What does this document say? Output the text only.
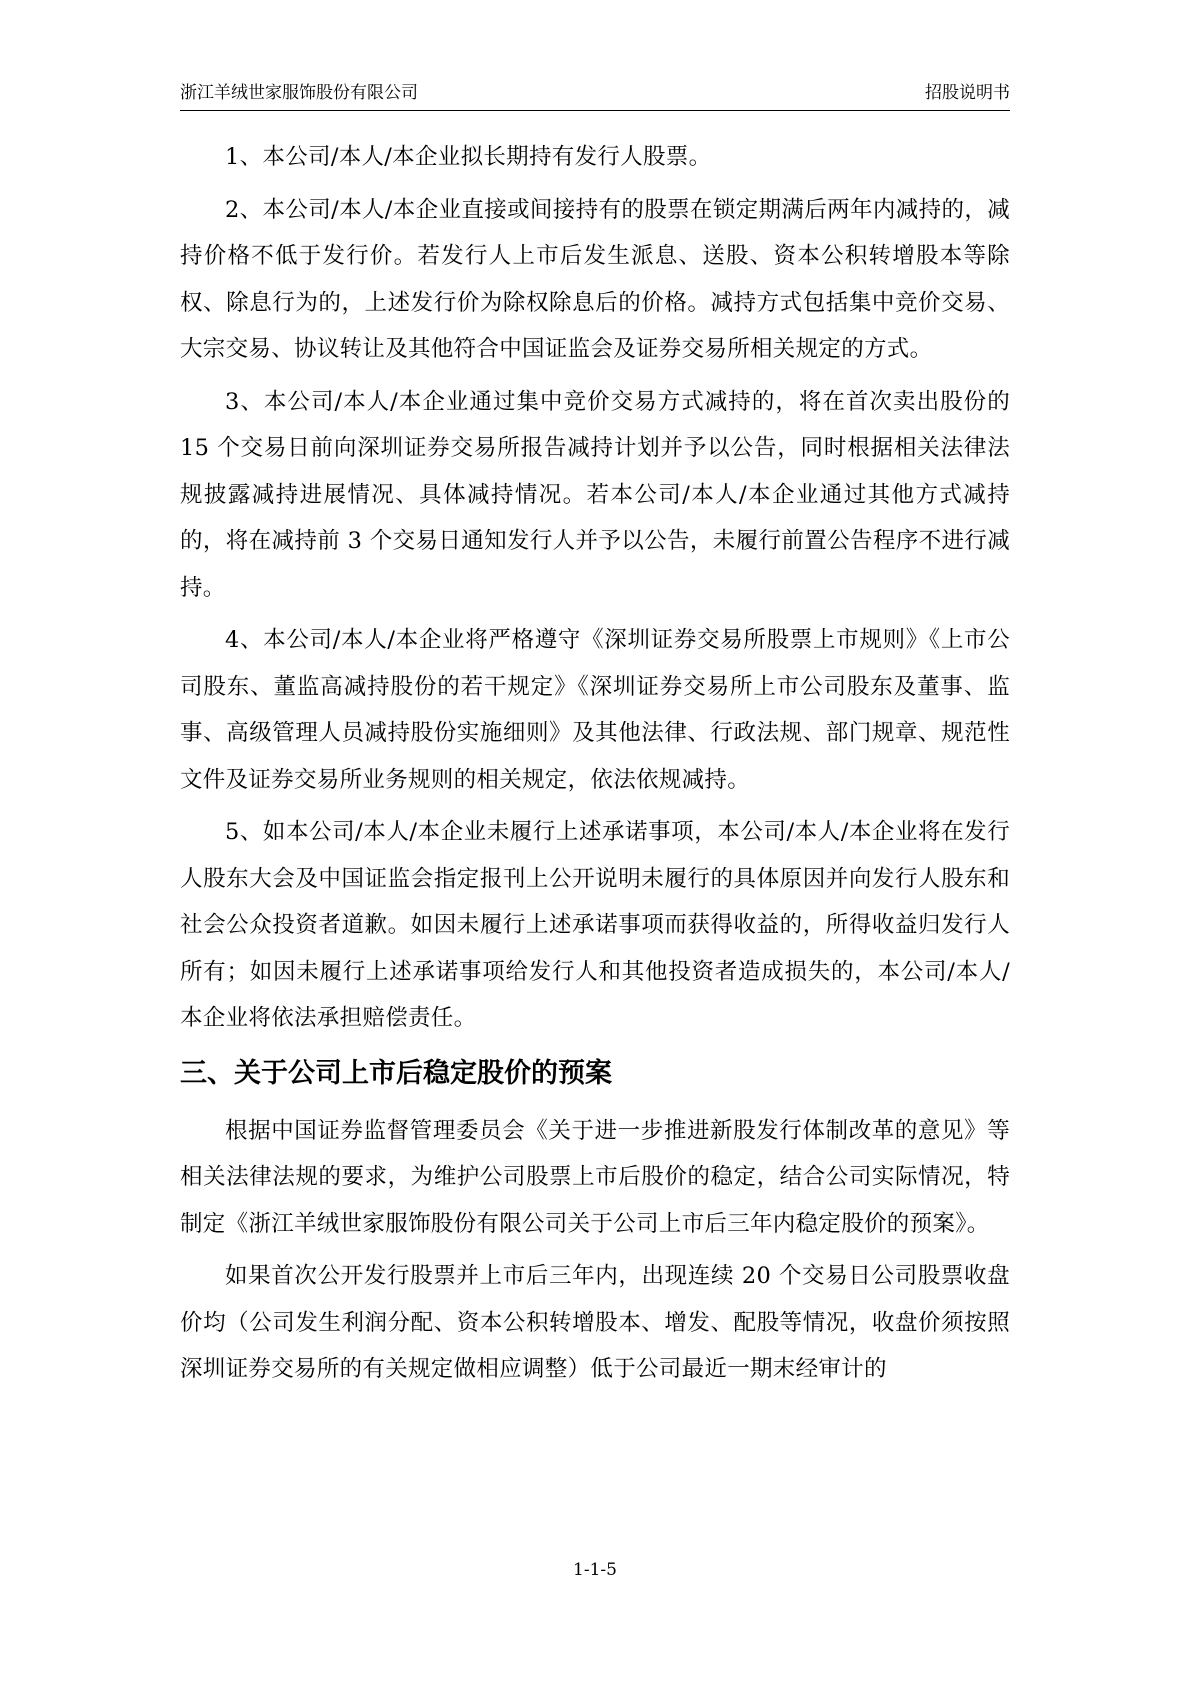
浙江羊绒世家服饰股份有限公司	招股说明书

1、本公司/本人/本企业拟长期持有发行人股票。

2、本公司/本人/本企业直接或间接持有的股票在锁定期满后两年内减持的，减持价格不低于发行价。若发行人上市后发生派息、送股、资本公积转增股本等除权、除息行为的，上述发行价为除权除息后的价格。减持方式包括集中竞价交易、大宗交易、协议转让及其他符合中国证监会及证券交易所相关规定的方式。

3、本公司/本人/本企业通过集中竞价交易方式减持的，将在首次卖出股份的 15 个交易日前向深圳证券交易所报告减持计划并予以公告，同时根据相关法律法规披露减持进展情况、具体减持情况。若本公司/本人/本企业通过其他方式减持的，将在减持前 3 个交易日通知发行人并予以公告，未履行前置公告程序不进行减持。

4、本公司/本人/本企业将严格遵守《深圳证券交易所股票上市规则》《上市公司股东、董监高减持股份的若干规定》《深圳证券交易所上市公司股东及董事、监事、高级管理人员减持股份实施细则》及其他法律、行政法规、部门规章、规范性文件及证券交易所业务规则的相关规定，依法依规减持。

5、如本公司/本人/本企业未履行上述承诺事项，本公司/本人/本企业将在发行人股东大会及中国证监会指定报刊上公开说明未履行的具体原因并向发行人股东和社会公众投资者道歉。如因未履行上述承诺事项而获得收益的，所得收益归发行人所有；如因未履行上述承诺事项给发行人和其他投资者造成损失的，本公司/本人/本企业将依法承担赔偿责任。

三、关于公司上市后稳定股价的预案

根据中国证券监督管理委员会《关于进一步推进新股发行体制改革的意见》等相关法律法规的要求，为维护公司股票上市后股价的稳定，结合公司实际情况，特制定《浙江羊绒世家服饰股份有限公司关于公司上市后三年内稳定股价的预案》。

如果首次公开发行股票并上市后三年内，出现连续 20 个交易日公司股票收盘价均（公司发生利润分配、资本公积转增股本、增发、配股等情况，收盘价须按照深圳证券交易所的有关规定做相应调整）低于公司最近一期末经审计的

1-1-5
